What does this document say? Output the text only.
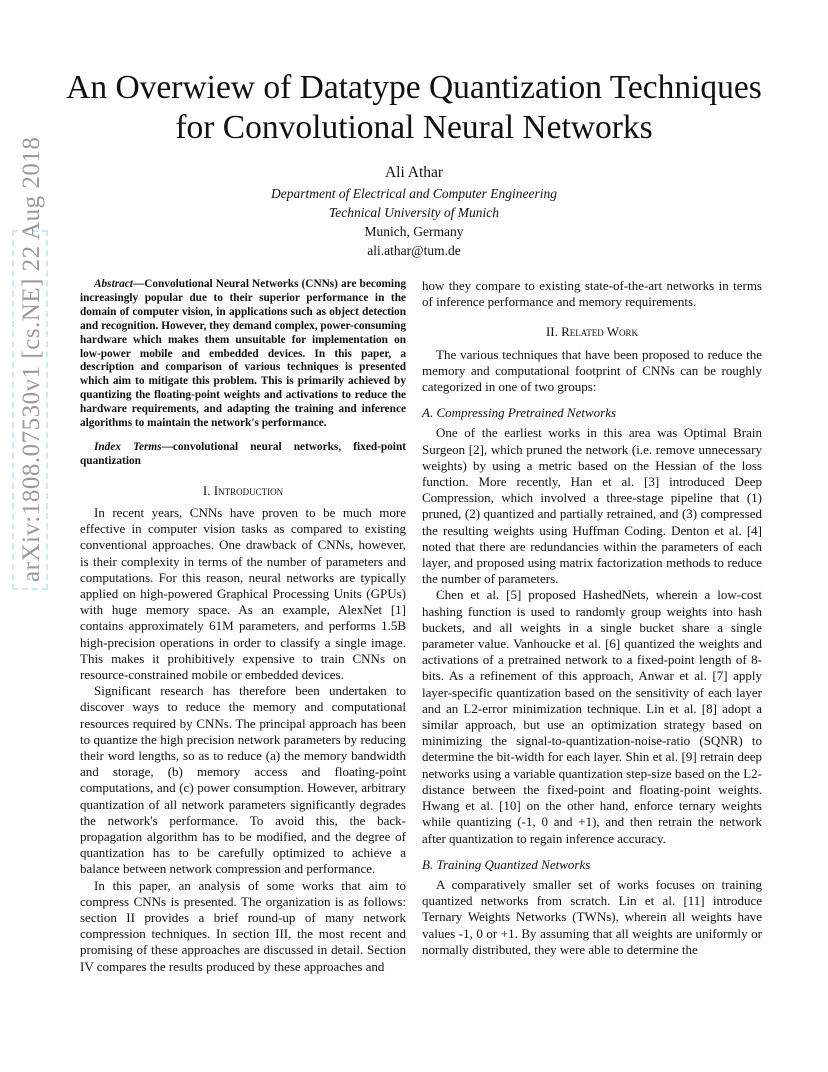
arXiv:1808.07530v1 [cs.NE] 22 Aug 2018
An Overwiew of Datatype Quantization Techniques
for Convolutional Neural Networks
Ali Athar
Department of Electrical and Computer Engineering
Technical University of Munich
Munich, Germany
ali.athar@tum.de

Abstract—Convolutional Neural Networks (CNNs) are becoming increasingly popular due to their superior performance in the domain of computer vision, in applications such as object detection and recognition. However, they demand complex, power-consuming hardware which makes them unsuitable for implementation on low-power mobile and embedded devices. In this paper, a description and comparison of various techniques is presented which aim to mitigate this problem. This is primarily achieved by quantizing the floating-point weights and activations to reduce the hardware requirements, and adapting the training and inference algorithms to maintain the network's performance.

Index Terms—convolutional neural networks, fixed-point quantization

I. Introduction

In recent years, CNNs have proven to be much more effective in computer vision tasks as compared to existing conventional approaches. One drawback of CNNs, however, is their complexity in terms of the number of parameters and computations. For this reason, neural networks are typically applied on high-powered Graphical Processing Units (GPUs) with huge memory space. As an example, AlexNet [1] contains approximately 61M parameters, and performs 1.5B high-precision operations in order to classify a single image. This makes it prohibitively expensive to train CNNs on resource-constrained mobile or embedded devices.

Significant research has therefore been undertaken to discover ways to reduce the memory and computational resources required by CNNs. The principal approach has been to quantize the high precision network parameters by reducing their word lengths, so as to reduce (a) the memory bandwidth and storage, (b) memory access and floating-point computations, and (c) power consumption. However, arbitrary quantization of all network parameters significantly degrades the network's performance. To avoid this, the back-propagation algorithm has to be modified, and the degree of quantization has to be carefully optimized to achieve a balance between network compression and performance.

In this paper, an analysis of some works that aim to compress CNNs is presented. The organization is as follows: section II provides a brief round-up of many network compression techniques. In section III, the most recent and promising of these approaches are discussed in detail. Section IV compares the results produced by these approaches and

how they compare to existing state-of-the-art networks in terms of inference performance and memory requirements.

II. Related Work

The various techniques that have been proposed to reduce the memory and computational footprint of CNNs can be roughly categorized in one of two groups:

A. Compressing Pretrained Networks

One of the earliest works in this area was Optimal Brain Surgeon [2], which pruned the network (i.e. remove unnecessary weights) by using a metric based on the Hessian of the loss function. More recently, Han et al. [3] introduced Deep Compression, which involved a three-stage pipeline that (1) pruned, (2) quantized and partially retrained, and (3) compressed the resulting weights using Huffman Coding. Denton et al. [4] noted that there are redundancies within the parameters of each layer, and proposed using matrix factorization methods to reduce the number of parameters.

Chen et al. [5] proposed HashedNets, wherein a low-cost hashing function is used to randomly group weights into hash buckets, and all weights in a single bucket share a single parameter value. Vanhoucke et al. [6] quantized the weights and activations of a pretrained network to a fixed-point length of 8-bits. As a refinement of this approach, Anwar et al. [7] apply layer-specific quantization based on the sensitivity of each layer and an L2-error minimization technique. Lin et al. [8] adopt a similar approach, but use an optimization strategy based on minimizing the signal-to-quantization-noise-ratio (SQNR) to determine the bit-width for each layer. Shin et al. [9] retrain deep networks using a variable quantization step-size based on the L2-distance between the fixed-point and floating-point weights. Hwang et al. [10] on the other hand, enforce ternary weights while quantizing (-1, 0 and +1), and then retrain the network after quantization to regain inference accuracy.

B. Training Quantized Networks

A comparatively smaller set of works focuses on training quantized networks from scratch. Lin et al. [11] introduce Ternary Weights Networks (TWNs), wherein all weights have values -1, 0 or +1. By assuming that all weights are uniformly or normally distributed, they were able to determine the
